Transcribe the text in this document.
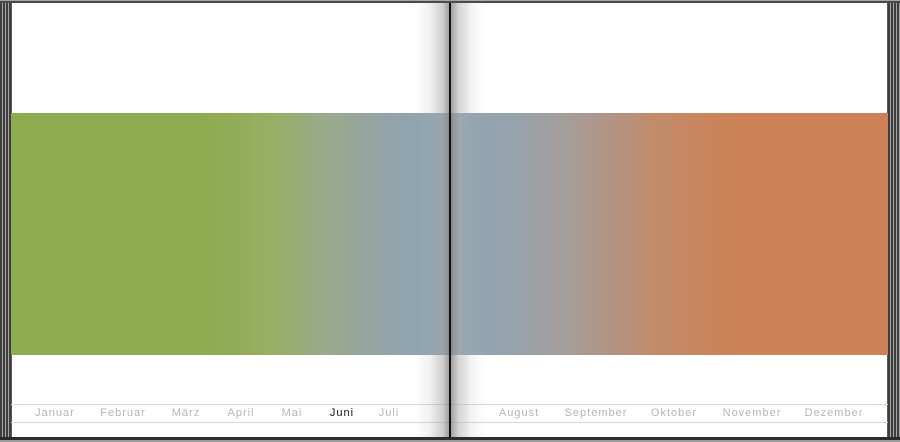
Januar Februar März April Mai	Juni Juli	August September Oktober November Dezember
